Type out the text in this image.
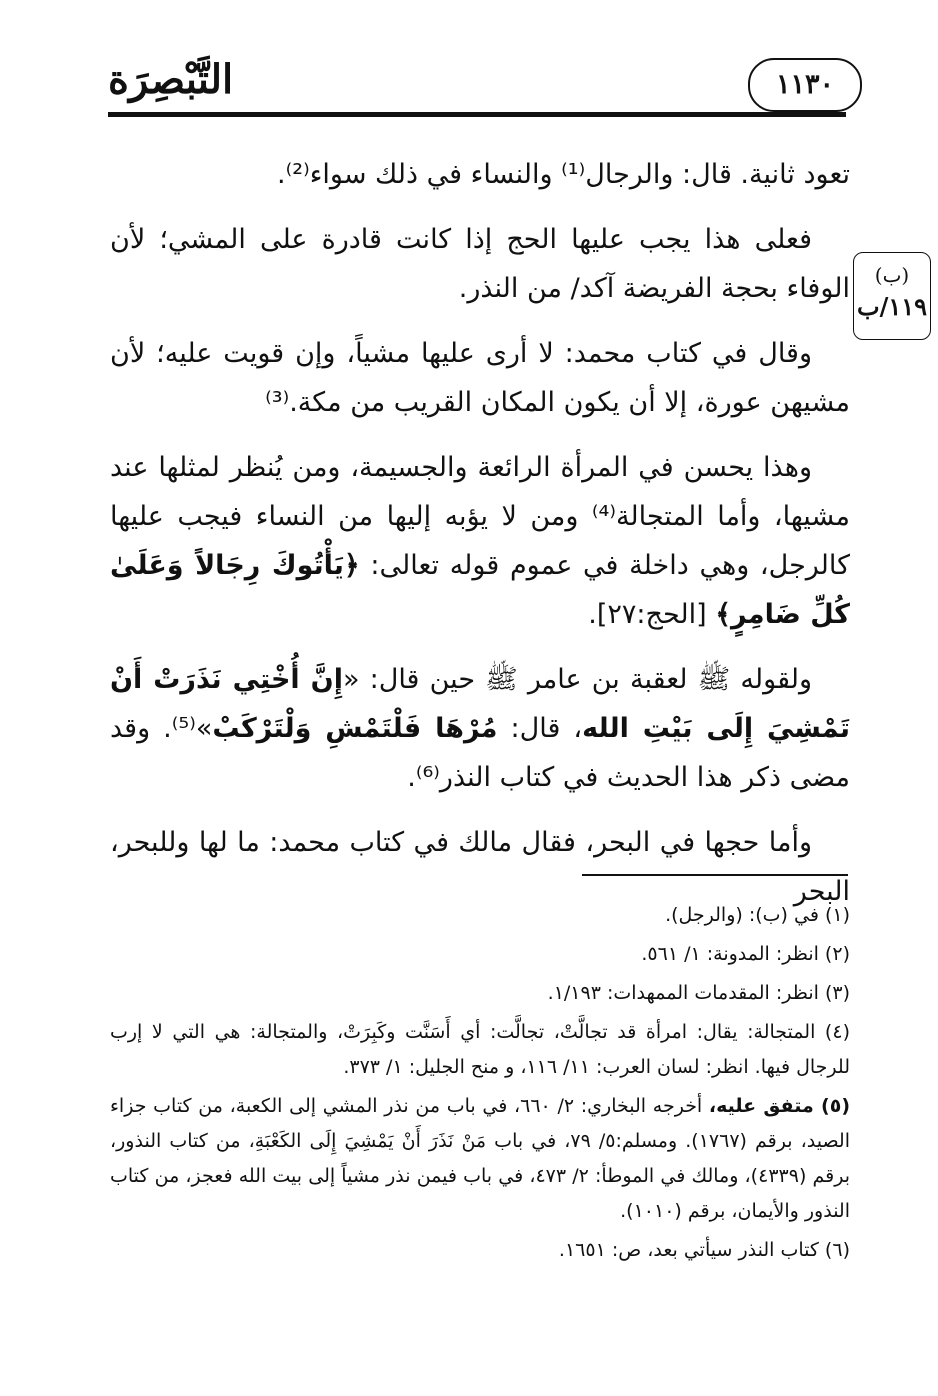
التَّبْصِرَة	١١٣٠
(ب)
١١٩/ب

تعود ثانية. قال: والرجال⁽¹⁾ والنساء في ذلك سواء⁽²⁾.

فعلى هذا يجب عليها الحج إذا كانت قادرة على المشي؛ لأن الوفاء بحجة الفريضة آكد/ من النذر.

وقال في كتاب محمد: لا أرى عليها مشياً، وإن قويت عليه؛ لأن مشيهن عورة، إلا أن يكون المكان القريب من مكة.⁽³⁾

وهذا يحسن في المرأة الرائعة والجسيمة، ومن يُنظر لمثلها عند مشيها، وأما المتجالة⁽⁴⁾ ومن لا يؤبه إليها من النساء فيجب عليها كالرجل، وهي داخلة في عموم قوله تعالى: ﴿يَأْتُوكَ رِجَالاً وَعَلَىٰ كُلِّ ضَامِرٍ﴾ [الحج:٢٧].

ولقوله ﷺ لعقبة بن عامر ﷺ حين قال: «إِنَّ أُخْتِي نَذَرَتْ أَنْ تَمْشِيَ إِلَى بَيْتِ الله، قال: مُرْهَا فَلْتَمْشِ وَلْتَرْكَبْ»⁽⁵⁾. وقد مضى ذكر هذا الحديث في كتاب النذر⁽⁶⁾.

وأما حجها في البحر، فقال مالك في كتاب محمد: ما لها وللبحر، البحر

(١) في (ب): (والرجل).

(٢) انظر: المدونة: ١/ ٥٦١.

(٣) انظر: المقدمات الممهدات: ١/١٩٣.

(٤) المتجالة: يقال: امرأة قد تجالَّتْ، تجالَّت: أي أَسَنَّت وكَبِرَتْ، والمتجالة: هي التي لا إرب للرجال فيها. انظر: لسان العرب: ١١/ ١١٦، و منح الجليل: ١/ ٣٧٣.

(٥) متفق عليه، أخرجه البخاري: ٢/ ٦٦٠، في باب من نذر المشي إلى الكعبة، من كتاب جزاء الصيد، برقم (١٧٦٧). ومسلم:٥/ ٧٩، في باب مَنْ نَذَرَ أَنْ يَمْشِيَ إِلَى الكَعْبَةِ، من كتاب النذور، برقم (٤٣٣٩)، ومالك في الموطأ: ٢/ ٤٧٣، في باب فيمن نذر مشياً إلى بيت الله فعجز، من كتاب النذور والأيمان، برقم (١٠١٠).

(٦) كتاب النذر سيأتي بعد، ص: ١٦٥١.
